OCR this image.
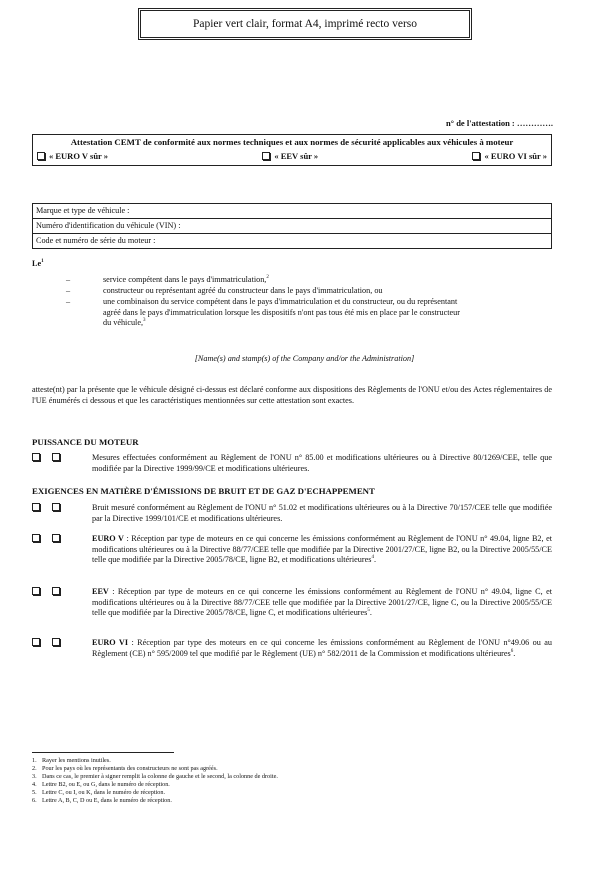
Papier vert clair, format A4, imprimé recto verso
n° de l'attestation : ………….
Attestation CEMT de conformité aux normes techniques et aux normes de sécurité applicables aux véhicules à moteur
« EURO V sûr »	« EEV sûr »	« EURO VI sûr »
Marque et type de véhicule :
Numéro d'identification du véhicule (VIN) :
Code et numéro de série du moteur :
Le$^1$
–	service compétent dans le pays d'immatriculation,$^2$
–	constructeur ou représentant agréé du constructeur dans le pays d'immatriculation, ou
–	une combinaison du service compétent dans le pays d'immatriculation et du constructeur, ou du représentant agréé dans le pays d'immatriculation lorsque les dispositifs n'ont pas tous été mis en place par le constructeur du véhicule,$^3$
[Name(s) and stamp(s) of the Company and/or the Administration]
atteste(nt) par la présente que le véhicule désigné ci-dessus est déclaré conforme aux dispositions des Règlements de l'ONU et/ou des Actes réglementaires de l'UE énumérés ci dessous et que les caractéristiques mentionnées sur cette attestation sont exactes.
PUISSANCE DU MOTEUR
Mesures effectuées conformément au Règlement de l'ONU n° 85.00 et modifications ultérieures ou à Directive 80/1269/CEE, telle que modifiée par la Directive 1999/99/CE et modifications ultérieures.
EXIGENCES EN MATIÈRE D'ÉMISSIONS DE BRUIT ET DE GAZ D'ECHAPPEMENT
Bruit mesuré conformément au Règlement de l'ONU n° 51.02 et modifications ultérieures ou à la Directive 70/157/CEE telle que modifiée par la Directive 1999/101/CE et modifications ultérieures.
EURO V : Réception par type de moteurs en ce qui concerne les émissions conformément au Règlement de l'ONU n° 49.04, ligne B2, et modifications ultérieures ou à la Directive 88/77/CEE telle que modifiée par la Directive 2001/27/CE, ligne B2, ou la Directive 2005/55/CE telle que modifiée par la Directive 2005/78/CE, ligne B2, et modifications ultérieures$^4$.
EEV : Réception par type de moteurs en ce qui concerne les émissions conformément au Règlement de l'ONU n° 49.04, ligne C, et modifications ultérieures ou à la Directive 88/77/CEE telle que modifiée par la Directive 2001/27/CE, ligne C, ou la Directive 2005/55/CE telle que modifiée par la Directive 2005/78/CE, ligne C, et modifications ultérieures$^5$.
EURO VI : Réception par type des moteurs en ce qui concerne les émissions conformément au Règlement de l'ONU n°49.06 ou au Règlement (CE) n° 595/2009 tel que modifié par le Règlement (UE) n° 582/2011 de la Commission et modifications ultérieures$^6$.
1. Rayer les mentions inutiles.
2. Pour les pays où les représentants des constructeurs ne sont pas agréés.
3. Dans ce cas, le premier à signer remplit la colonne de gauche et le second, la colonne de droite.
4. Lettre B2, ou E, ou G, dans le numéro de réception.
5. Lettre C, ou I, ou K, dans le numéro de réception.
6. Lettre A, B, C, D ou E, dans le numéro de réception.
